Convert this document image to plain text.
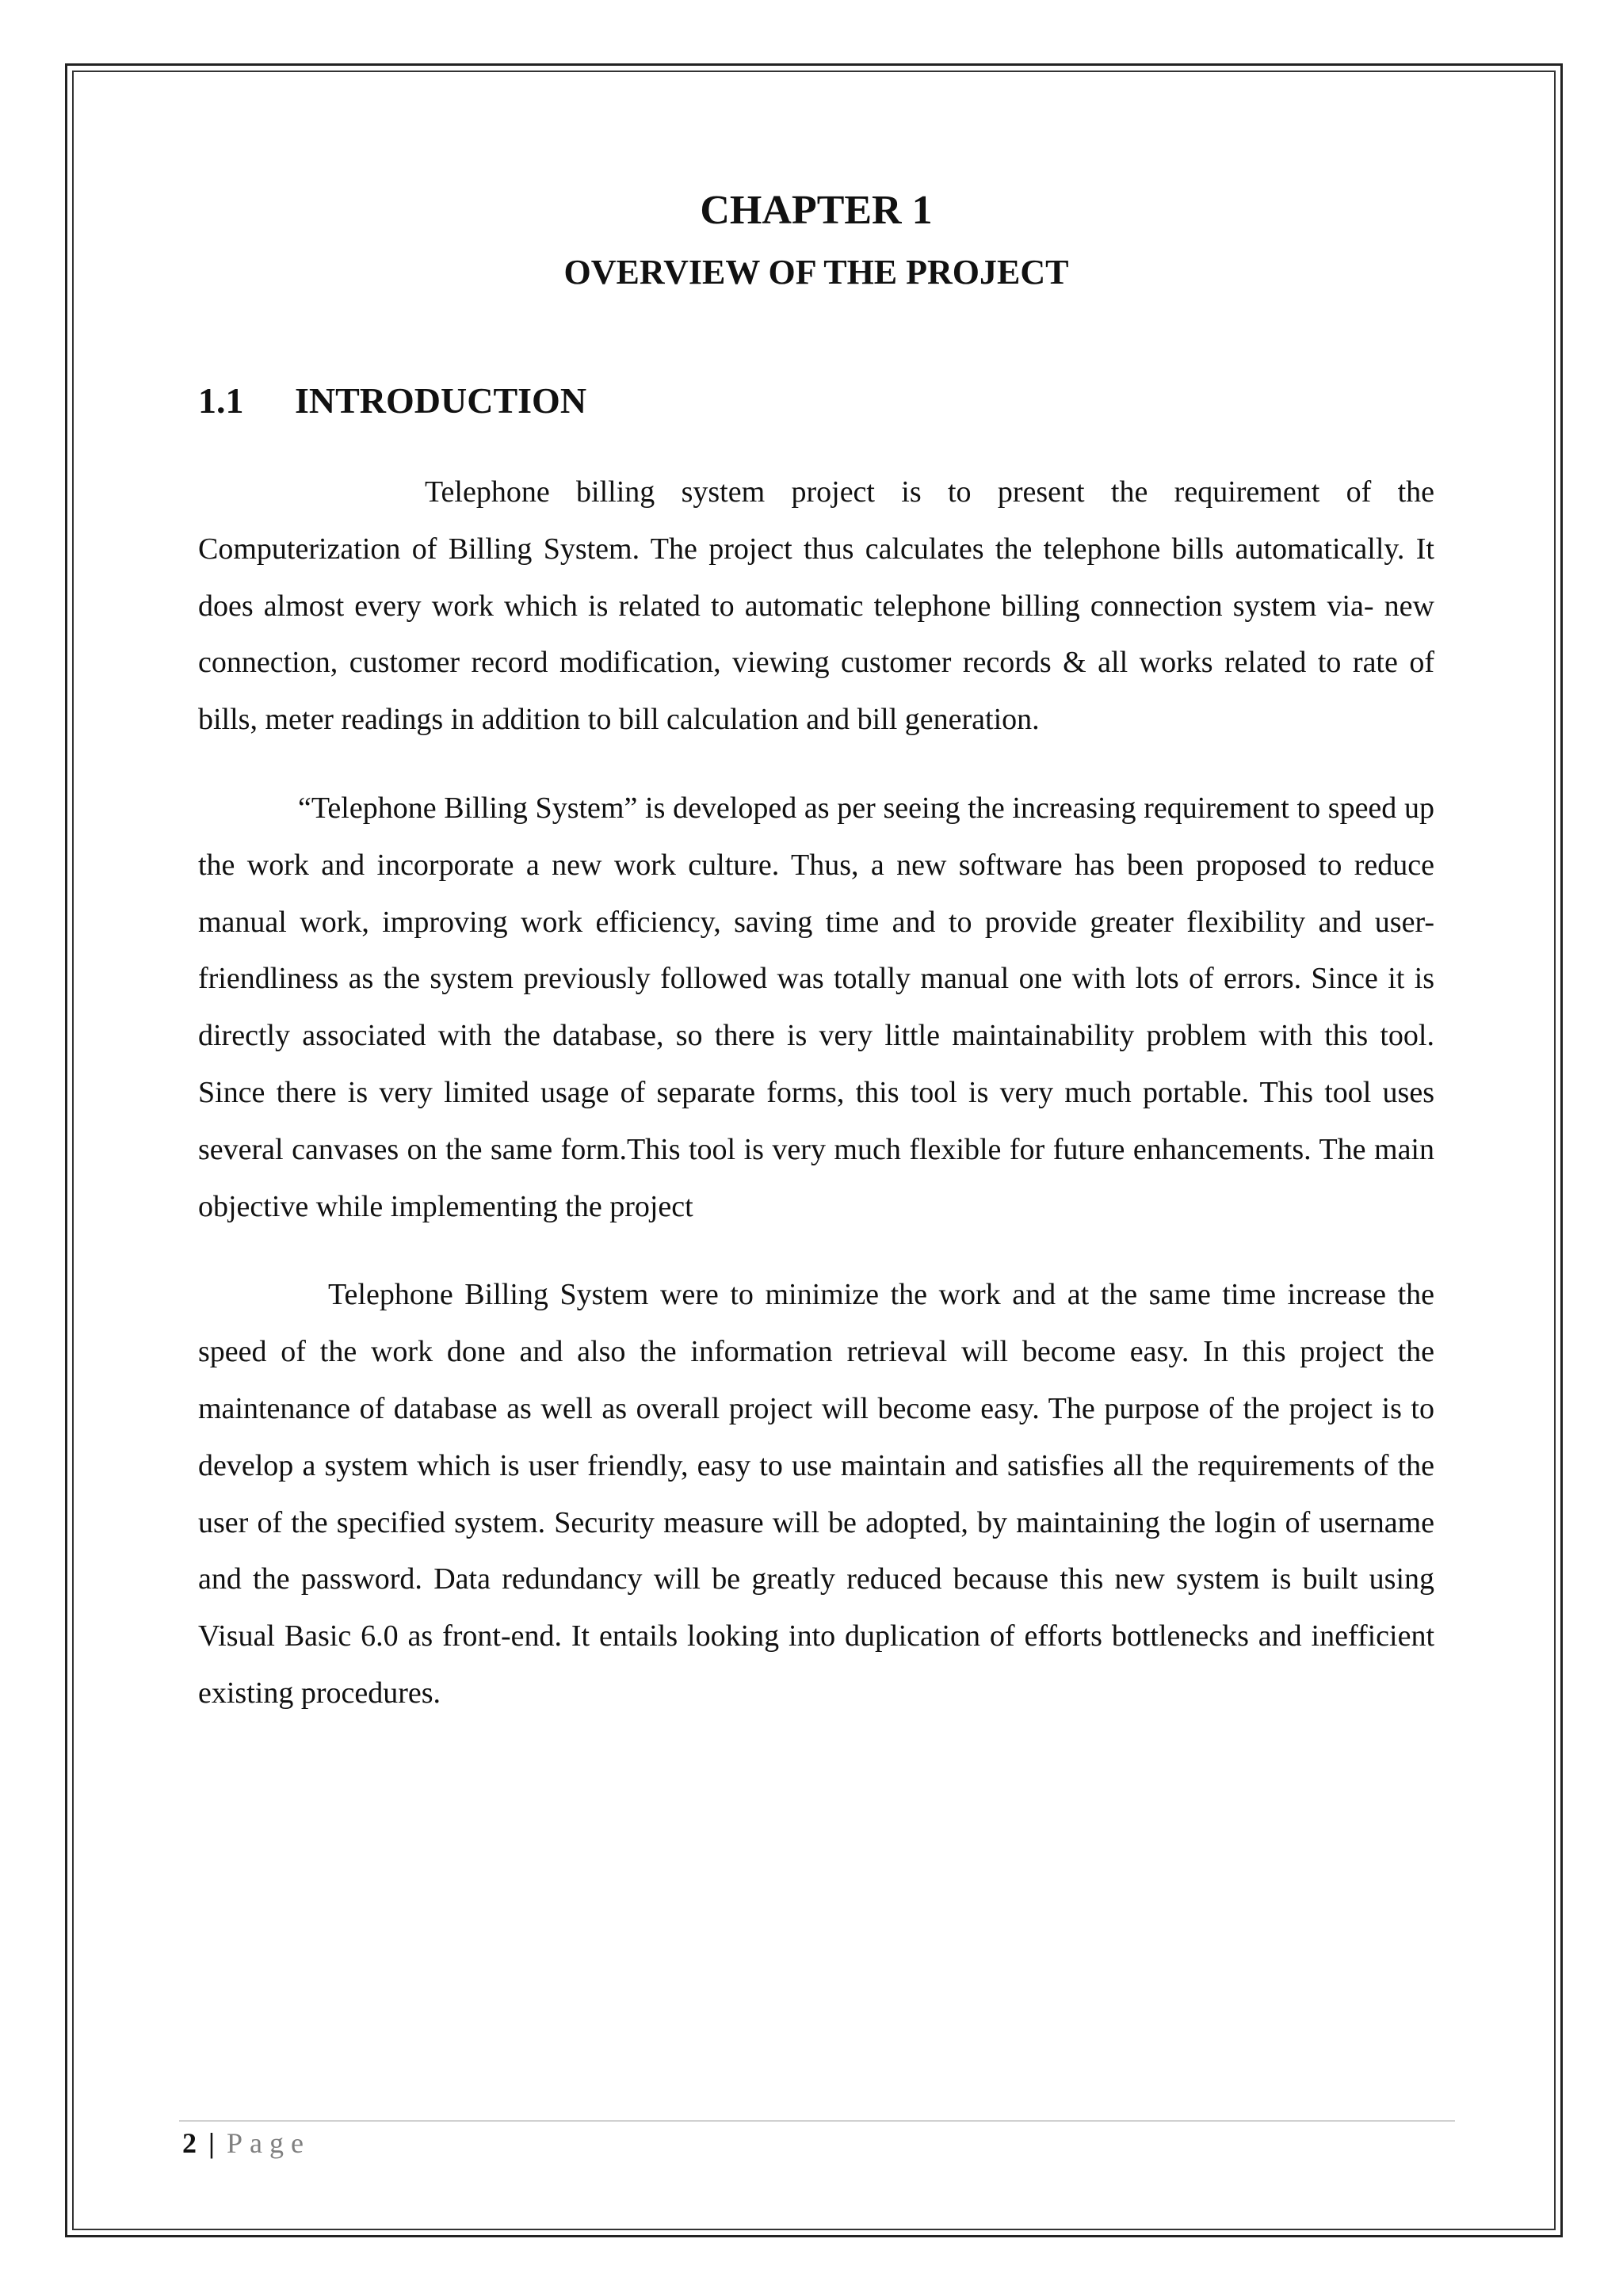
CHAPTER 1
OVERVIEW OF THE PROJECT
1.1	INTRODUCTION

Telephone billing system project is to present the requirement of the Computerization of Billing System. The project thus calculates the telephone bills automatically. It does almost every work which is related to automatic telephone billing connection system via- new connection, customer record modification, viewing customer records & all works related to rate of bills, meter readings in addition to bill calculation and bill generation.

“Telephone Billing System” is developed as per seeing the increasing requirement to speed up the work and incorporate a new work culture. Thus, a new software has been proposed to reduce manual work, improving work efficiency, saving time and to provide greater flexibility and user-friendliness as the system previously followed was totally manual one with lots of errors. Since it is directly associated with the database, so there is very little maintainability problem with this tool. Since there is very limited usage of separate forms, this tool is very much portable. This tool uses several canvases on the same form.This tool is very much flexible for future enhancements. The main objective while implementing the project

Telephone Billing System were to minimize the work and at the same time increase the speed of the work done and also the information retrieval will become easy. In this project the maintenance of database as well as overall project will become easy. The purpose of the project is to develop a system which is user friendly, easy to use maintain and satisfies all the requirements of the user of the specified system. Security measure will be adopted, by maintaining the login of username and the password. Data redundancy will be greatly reduced because this new system is built using Visual Basic 6.0 as front-end. It entails looking into duplication of efforts bottlenecks and inefficient existing procedures.

2 | Page
